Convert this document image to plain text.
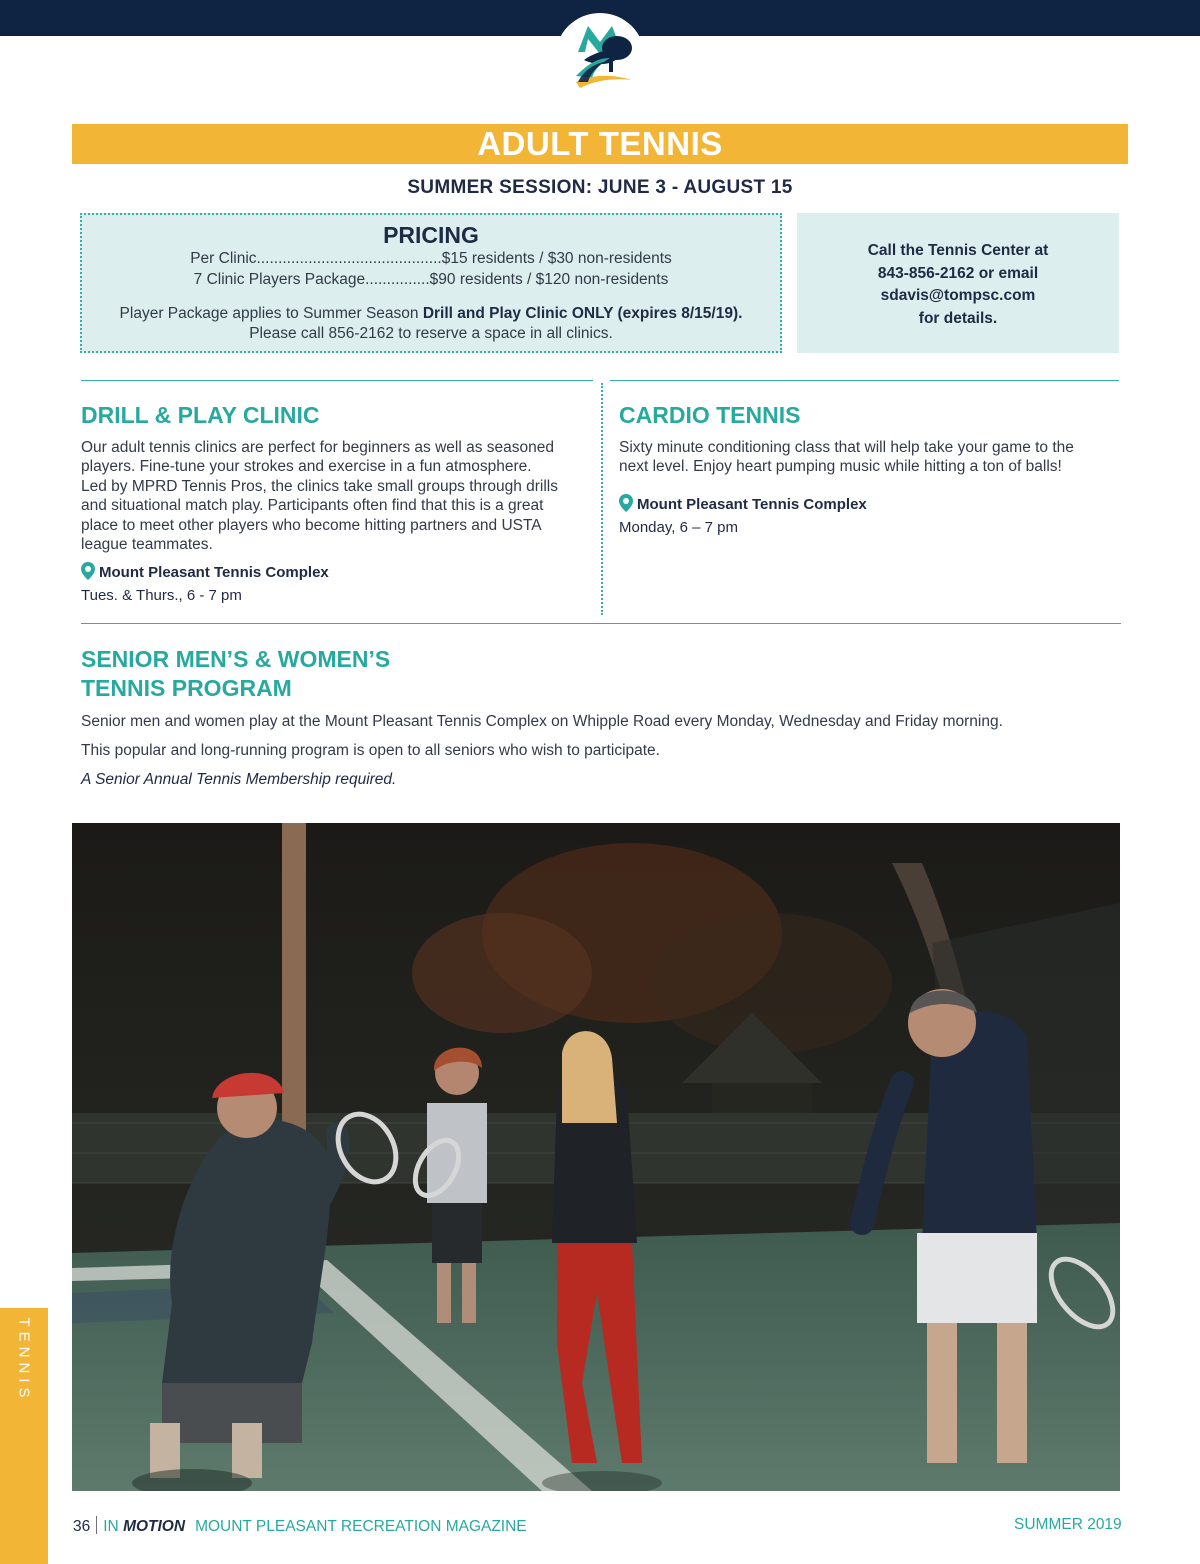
ADULT TENNIS
SUMMER SESSION: JUNE 3 - AUGUST 15
PRICING
Per Clinic...........................................$15 residents / $30 non-residents
7 Clinic Players Package...............$90 residents / $120 non-residents
Player Package applies to Summer Season Drill and Play Clinic ONLY (expires 8/15/19).
Please call 856-2162 to reserve a space in all clinics.
Call the Tennis Center at
843-856-2162 or email
sdavis@tompsc.com
for details.
DRILL & PLAY CLINIC
Our adult tennis clinics are perfect for beginners as well as seasoned
players. Fine-tune your strokes and exercise in a fun atmosphere.
Led by MPRD Tennis Pros, the clinics take small groups through drills
and situational match play. Participants often find that this is a great
place to meet other players who become hitting partners and USTA
league teammates.
Mount Pleasant Tennis Complex
Tues. & Thurs., 6 - 7 pm
CARDIO TENNIS
Sixty minute conditioning class that will help take your game to the
next level. Enjoy heart pumping music while hitting a ton of balls!
Mount Pleasant Tennis Complex
Monday, 6 – 7 pm
SENIOR MEN’S & WOMEN’S
TENNIS PROGRAM
Senior men and women play at the Mount Pleasant Tennis Complex on Whipple Road every Monday, Wednesday and Friday morning.
This popular and long-running program is open to all seniors who wish to participate.
A Senior Annual Tennis Membership required.
TENNIS
36 IN MOTION MOUNT PLEASANT RECREATION MAGAZINE	SUMMER 2019
